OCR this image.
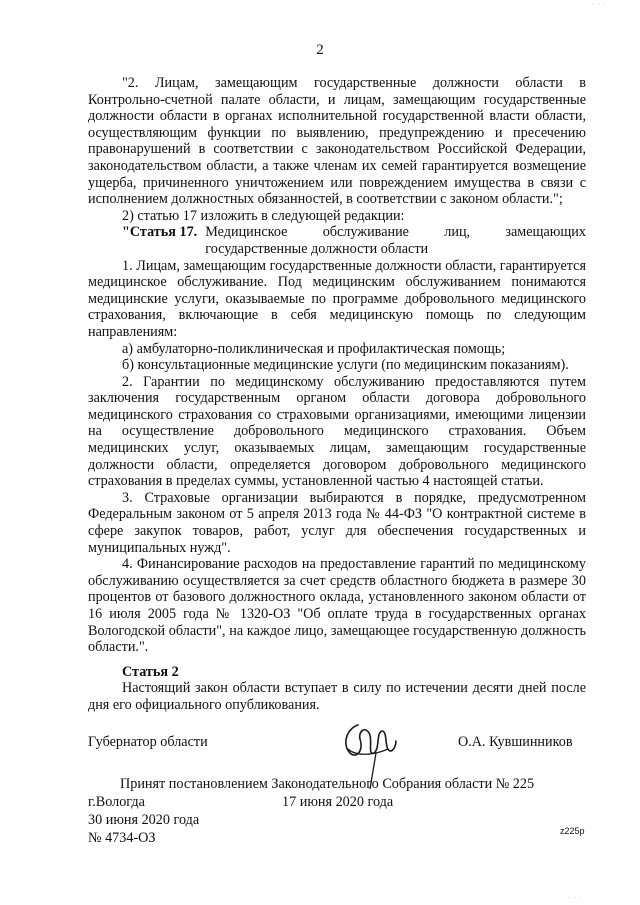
· · ·
2

"2. Лицам, замещающим государственные должности области в Контрольно-счетной палате области, и лицам, замещающим государственные должности области в органах исполнительной государственной власти области, осуществляющим функции по выявлению, предупреждению и пресечению правонарушений в соответствии с законодательством Российской Федерации, законодательством области, а также членам их семей гарантируется возмещение ущерба, причиненного уничтожением или повреждением имущества в связи с исполнением должностных обязанностей, в соответствии с законом области.";

2) статью 17 изложить в следующей редакции:

"Статья 17. Медицинское обслуживание лиц, замещающих государственные должности области

1. Лицам, замещающим государственные должности области, гарантируется медицинское обслуживание. Под медицинским обслуживанием понимаются медицинские услуги, оказываемые по программе добровольного медицинского страхования, включающие в себя медицинскую помощь по следующим направлениям:

а) амбулаторно-поликлиническая и профилактическая помощь;

б) консультационные медицинские услуги (по медицинским показаниям).

2. Гарантии по медицинскому обслуживанию предоставляются путем заключения государственным органом области договора добровольного медицинского страхования со страховыми организациями, имеющими лицензии на осуществление добровольного медицинского страхования. Объем медицинских услуг, оказываемых лицам, замещающим государственные должности области, определяется договором добровольного медицинского страхования в пределах суммы, установленной частью 4 настоящей статьи.

3. Страховые организации выбираются в порядке, предусмотренном Федеральным законом от 5 апреля 2013 года № 44-ФЗ "О контрактной системе в сфере закупок товаров, работ, услуг для обеспечения государственных и муниципальных нужд".

4. Финансирование расходов на предоставление гарантий по медицинскому обслуживанию осуществляется за счет средств областного бюджета в размере 30 процентов от базового должностного оклада, установленного законом области от 16 июля 2005 года № 1320-ОЗ "Об оплате труда в государственных органах Вологодской области", на каждое лицо, замещающее государственную должность области.".

Статья 2

Настоящий закон области вступает в силу по истечении десяти дней после дня его официального опубликования.

Губернатор области	О.А. Кувшинников
Принят постановлением Законодательного Собрания области № 225
г.Вологда	17 июня 2020 года
30 июня 2020 года
№ 4734-ОЗ	z225р
· · ·
